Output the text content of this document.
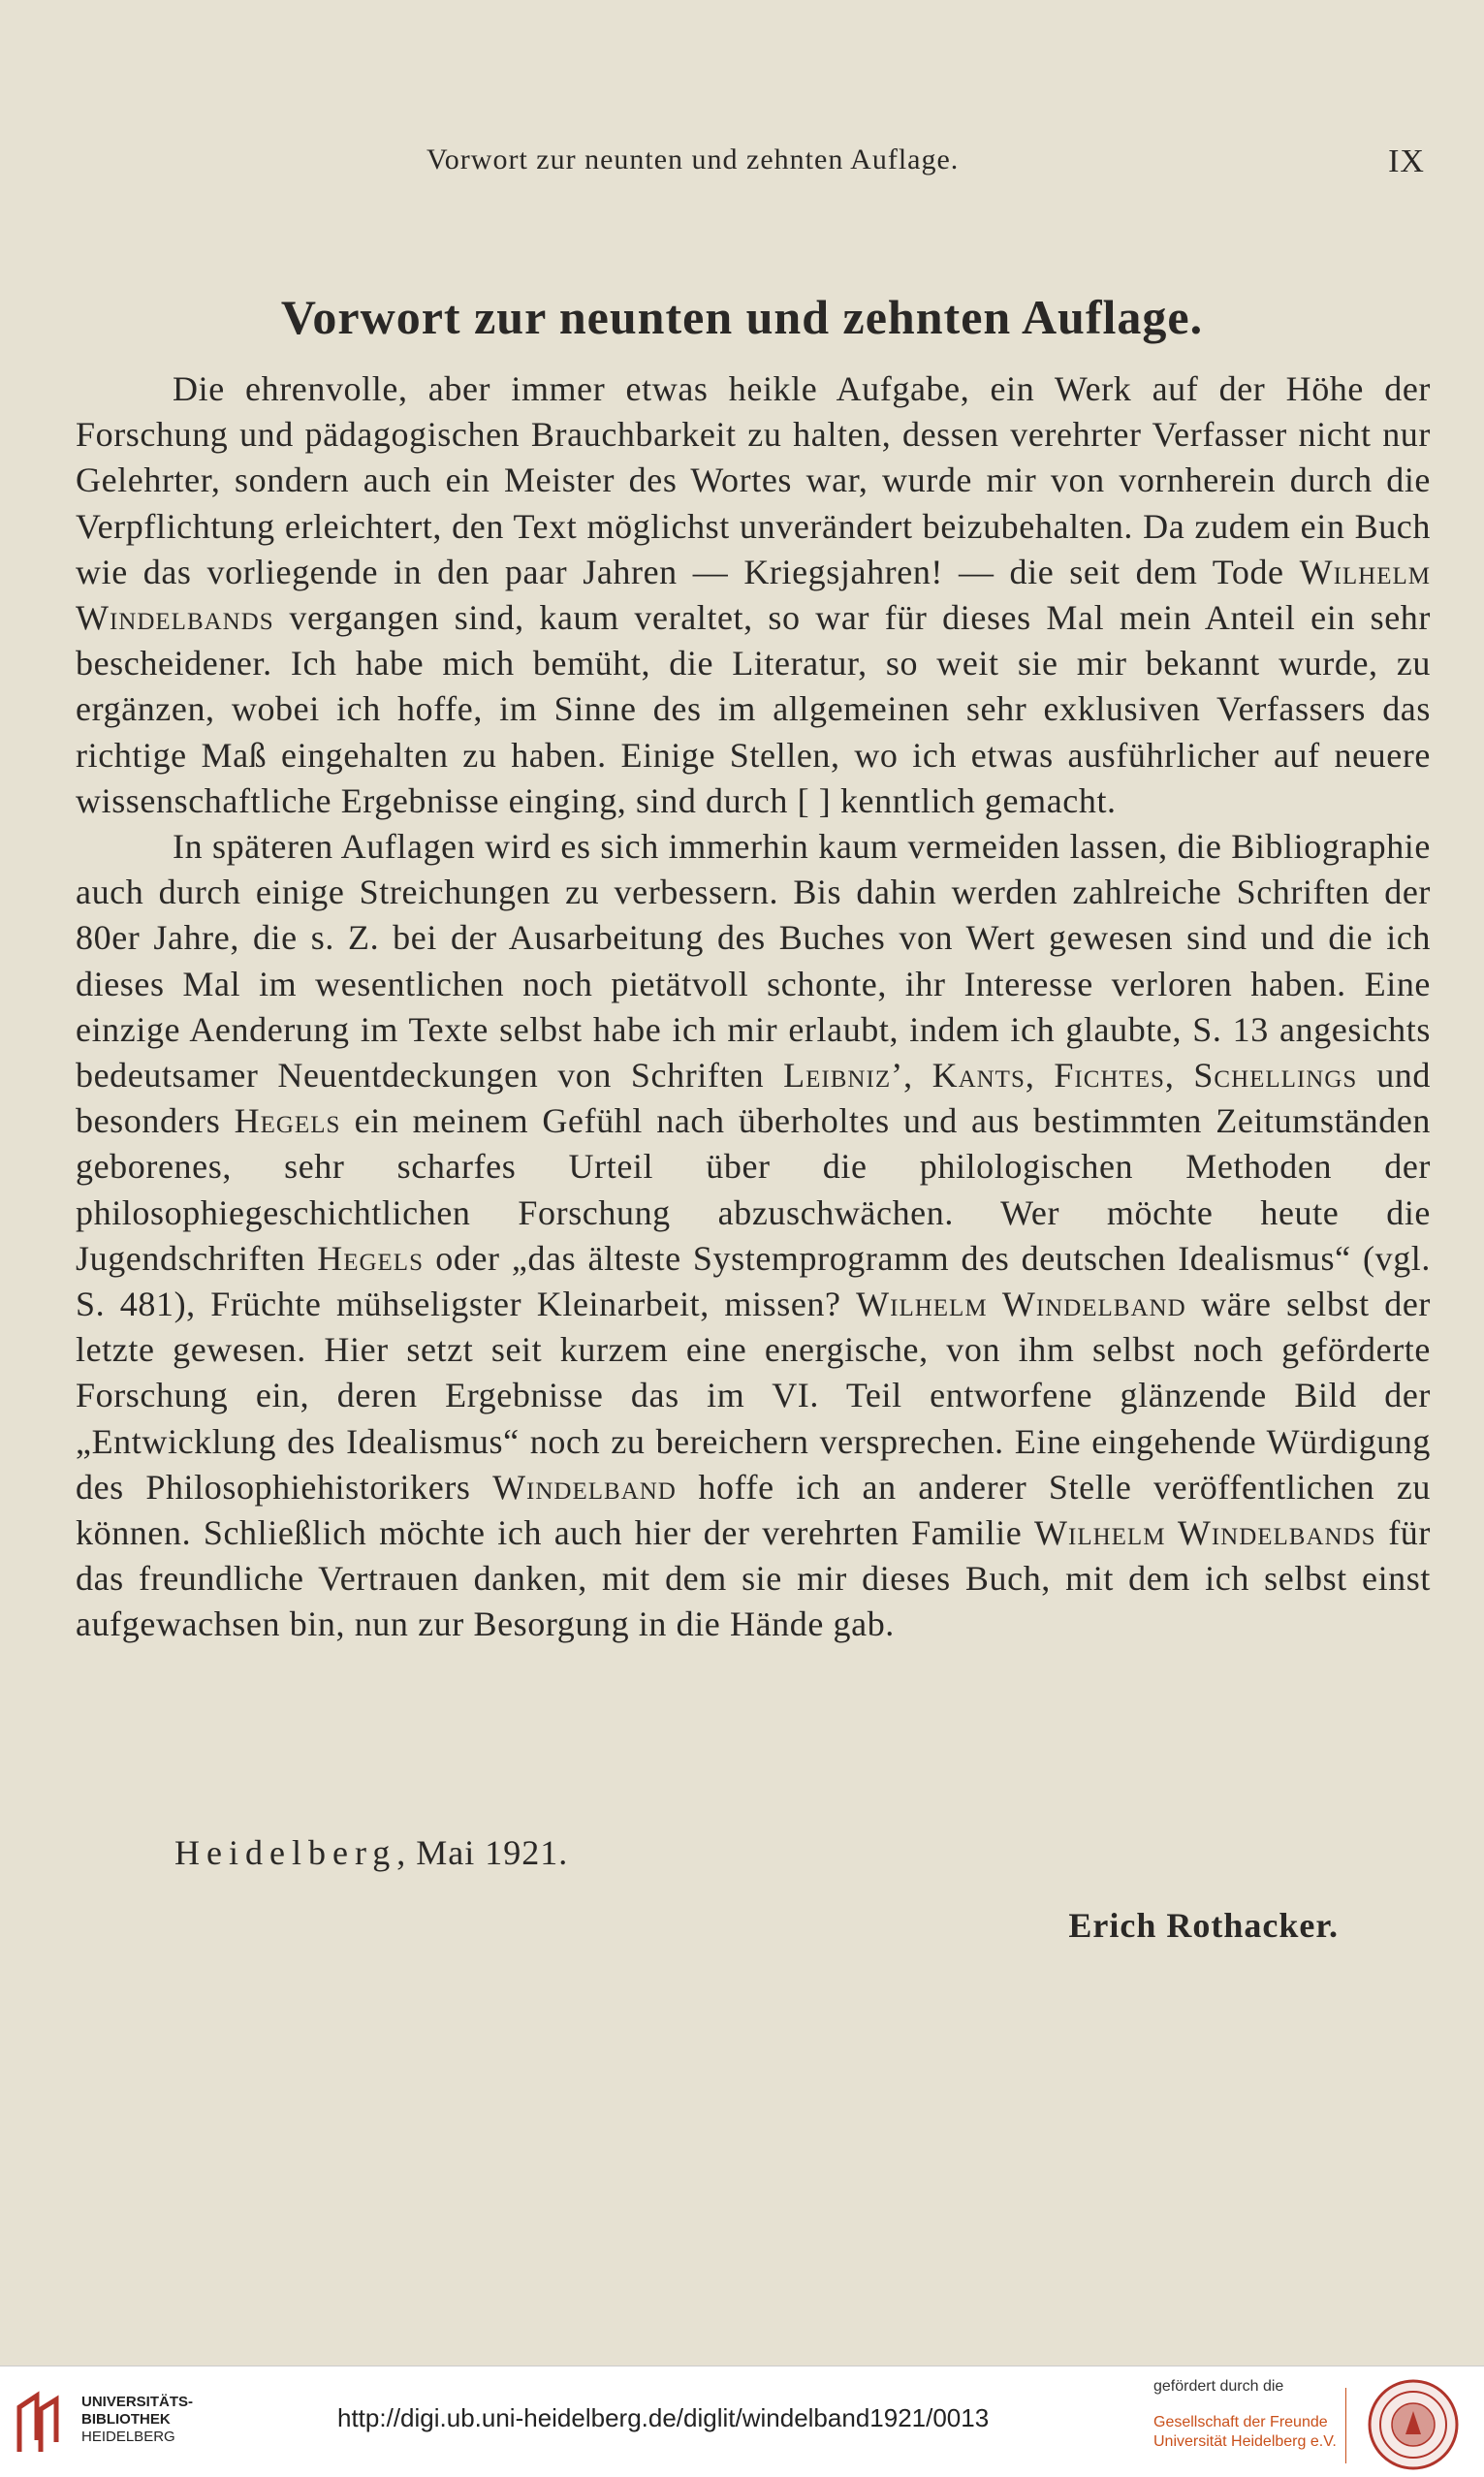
Vorwort zur neunten und zehnten Auflage.	IX
Vorwort zur neunten und zehnten Auflage.

Die ehrenvolle, aber immer etwas heikle Aufgabe, ein Werk auf der Höhe der Forschung und pädagogischen Brauchbarkeit zu halten, dessen verehrter Verfasser nicht nur Gelehrter, sondern auch ein Meister des Wortes war, wurde mir von vornherein durch die Verpflichtung erleichtert, den Text möglichst unverändert beizubehalten. Da zudem ein Buch wie das vorliegende in den paar Jahren — Kriegsjahren! — die seit dem Tode Wilhelm Windelbands vergangen sind, kaum veraltet, so war für dieses Mal mein Anteil ein sehr bescheidener. Ich habe mich bemüht, die Literatur, so weit sie mir bekannt wurde, zu ergänzen, wobei ich hoffe, im Sinne des im allgemeinen sehr exklusiven Verfassers das richtige Maß eingehalten zu haben. Einige Stellen, wo ich etwas ausführlicher auf neuere wissenschaftliche Ergebnisse einging, sind durch [ ] kenntlich gemacht.

In späteren Auflagen wird es sich immerhin kaum vermeiden lassen, die Bibliographie auch durch einige Streichungen zu verbessern. Bis dahin werden zahlreiche Schriften der 80er Jahre, die s. Z. bei der Ausarbeitung des Buches von Wert gewesen sind und die ich dieses Mal im wesentlichen noch pietätvoll schonte, ihr Interesse verloren haben. Eine einzige Aenderung im Texte selbst habe ich mir erlaubt, indem ich glaubte, S. 13 angesichts bedeutsamer Neuentdeckungen von Schriften Leibniz’, Kants, Fichtes, Schellings und besonders Hegels ein meinem Gefühl nach überholtes und aus bestimmten Zeitumständen geborenes, sehr scharfes Urteil über die philologischen Methoden der philosophiegeschichtlichen Forschung abzuschwächen. Wer möchte heute die Jugendschriften Hegels oder „das älteste Systemprogramm des deutschen Idealismus“ (vgl. S. 481), Früchte mühseligster Kleinarbeit, missen? Wilhelm Windelband wäre selbst der letzte gewesen. Hier setzt seit kurzem eine energische, von ihm selbst noch geförderte Forschung ein, deren Ergebnisse das im VI. Teil entworfene glänzende Bild der „Entwicklung des Idealismus“ noch zu bereichern versprechen. Eine eingehende Würdigung des Philosophiehistorikers Windelband hoffe ich an anderer Stelle veröffentlichen zu können. Schließlich möchte ich auch hier der verehrten Familie Wilhelm Windelbands für das freundliche Vertrauen danken, mit dem sie mir dieses Buch, mit dem ich selbst einst aufgewachsen bin, nun zur Besorgung in die Hände gab.

Heidelberg, Mai 1921.
Erich Rothacker.
UNIVERSITÄTS-
BIBLIOTHEK
HEIDELBERG
http://digi.ub.uni-heidelberg.de/diglit/windelband1921/0013
gefördert durch die
Gesellschaft der Freunde
Universität Heidelberg e.V.
